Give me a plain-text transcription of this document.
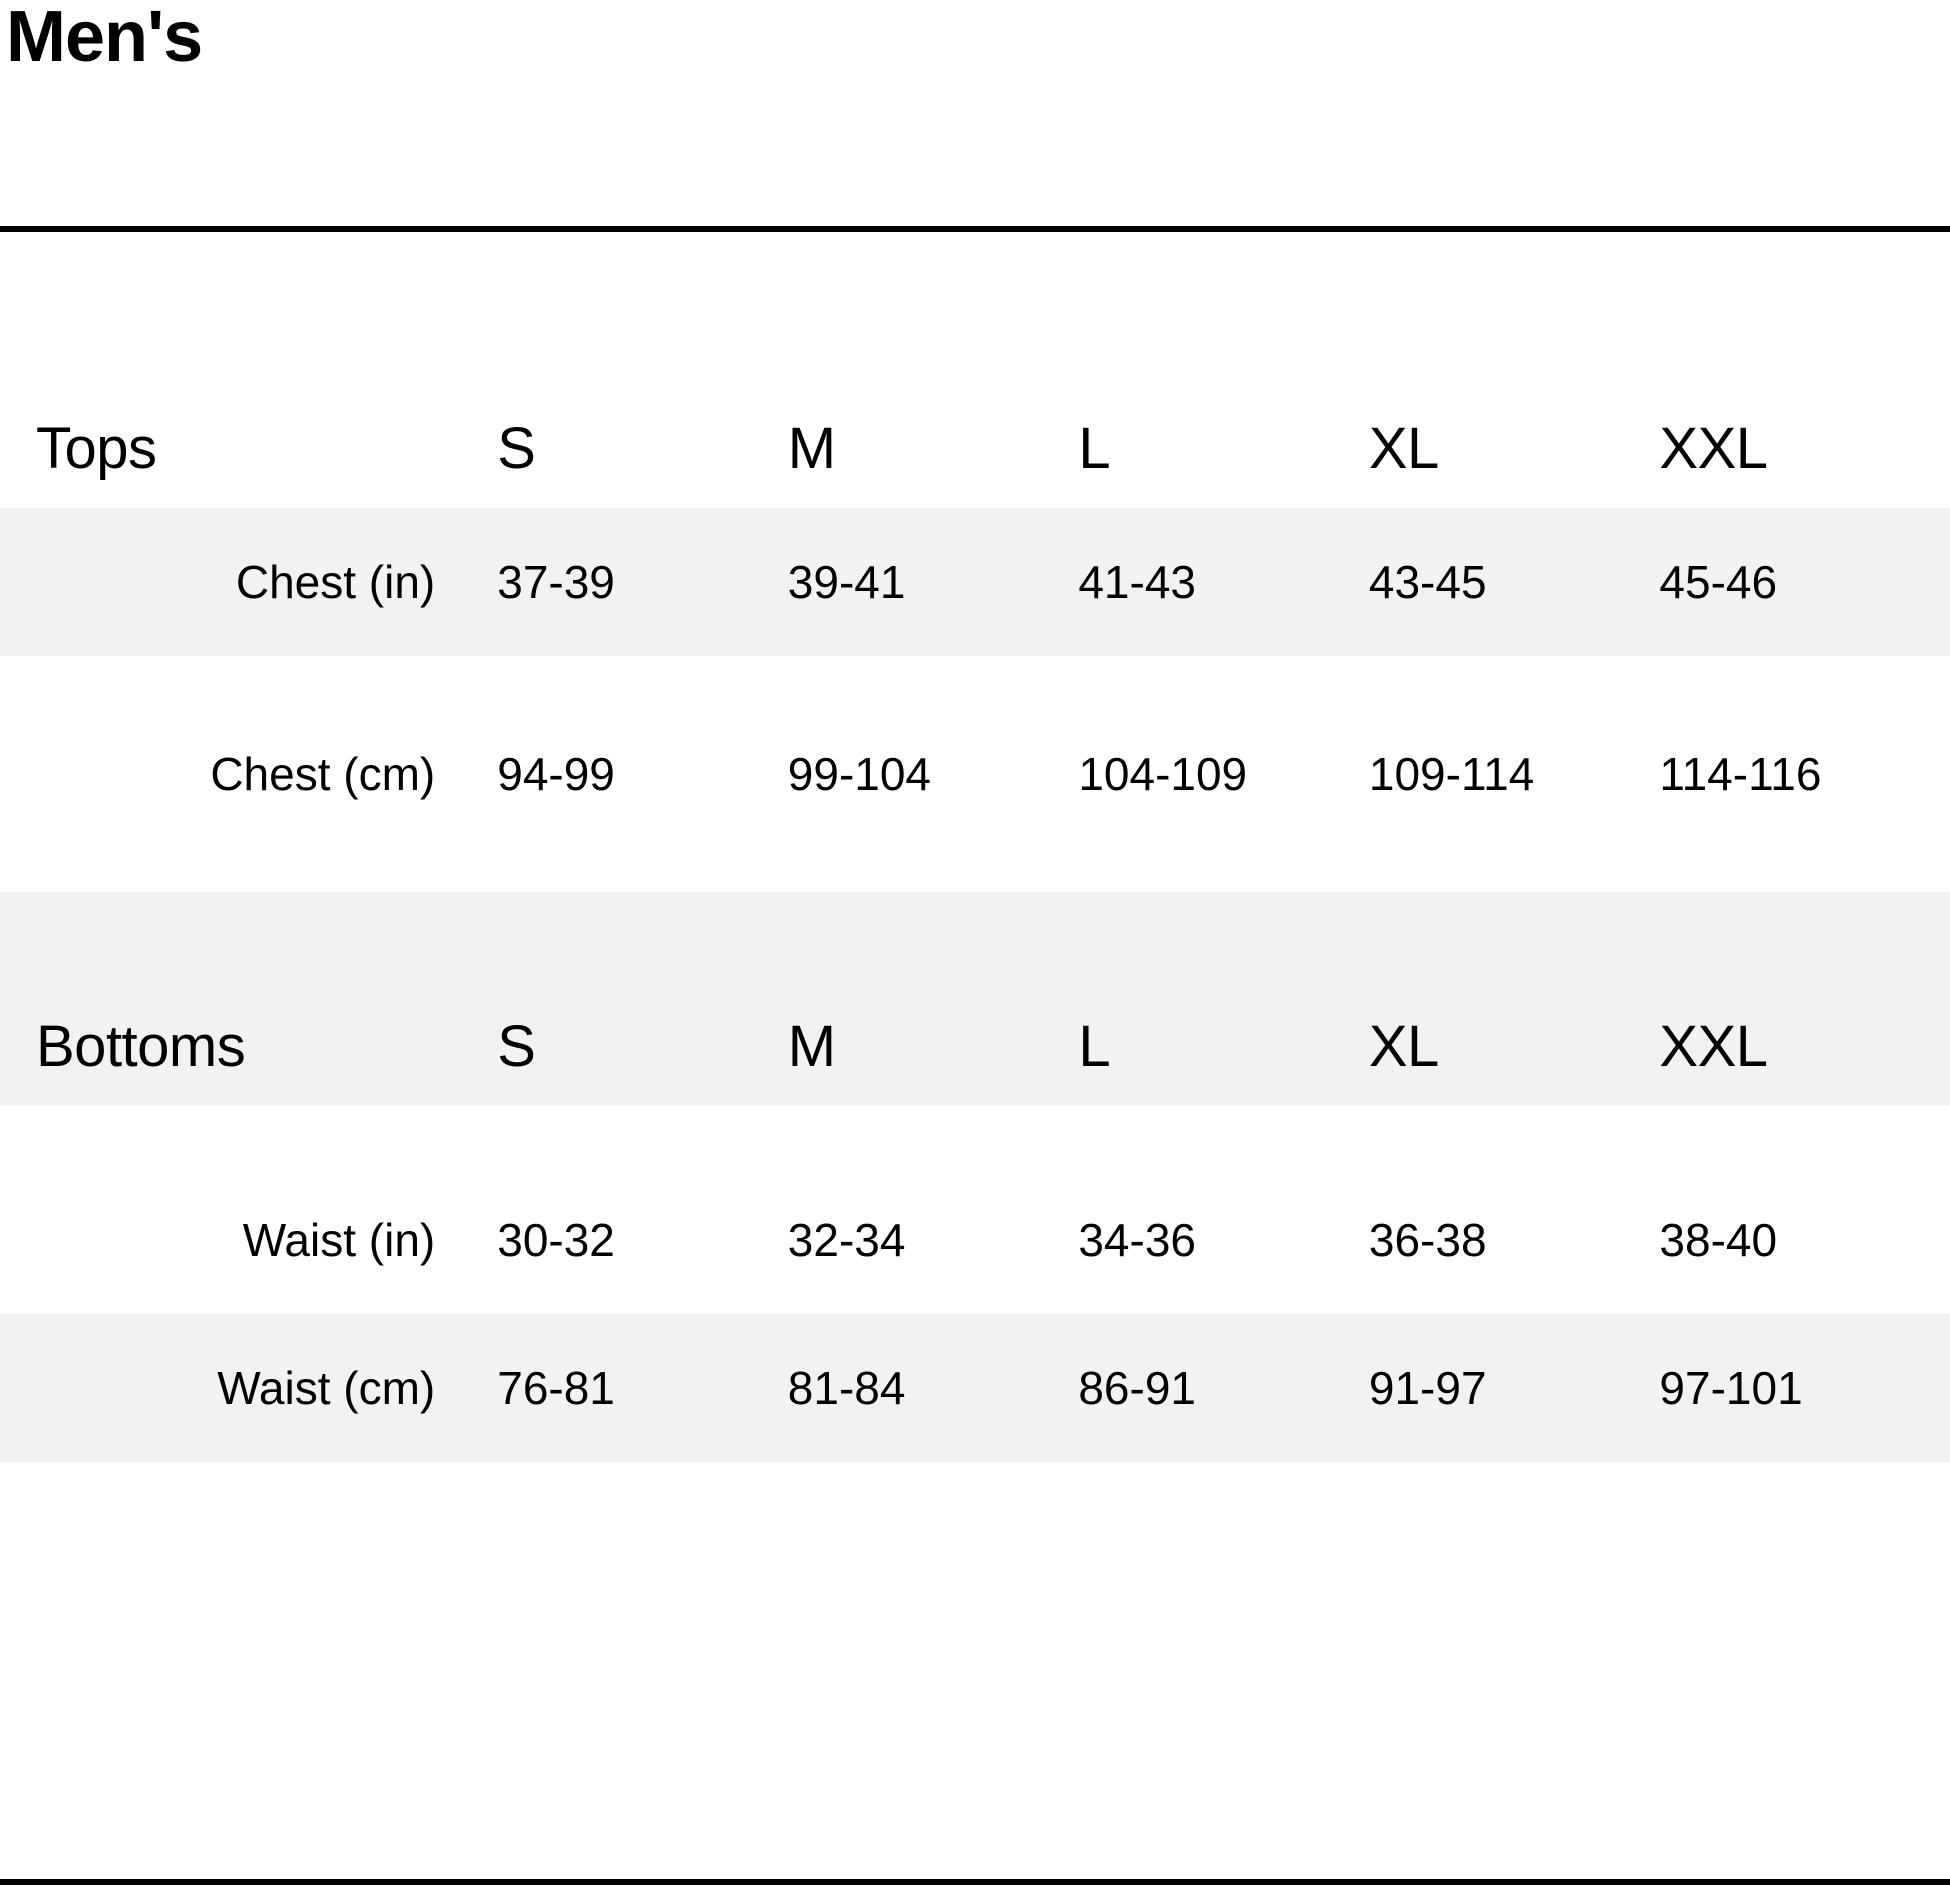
Men's
Tops	S	M	L	XL	XXL
Chest (in)	37-39	39-41	41-43	43-45	45-46
Chest (cm)	94-99	99-104	104-109	109-114	114-116

Bottoms	S	M	L	XL	XXL

Waist (in)	30-32	32-34	34-36	36-38	38-40
Waist (cm)	76-81	81-84	86-91	91-97	97-101
